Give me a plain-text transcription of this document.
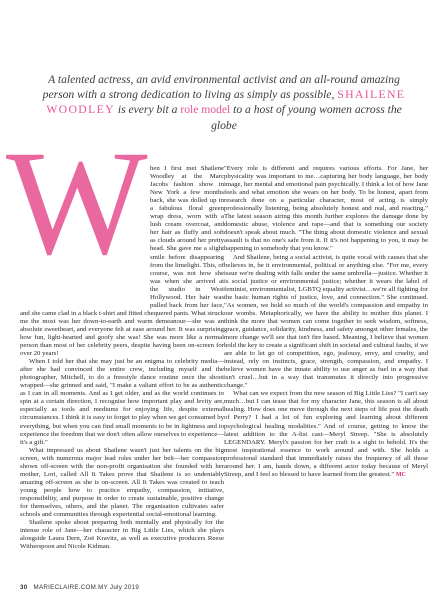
A talented actress, an avid environmental activist and an all-round amazing person with a strong dedication to living as simply as possible, SHAILENE WOODLEY is every bit a role model to a host of young women across the globe
W hen I first met Shailene Woodley at the Marc Jacobs fashion show in New York a few months back, she was dolled up in a fabulous floral green wrap dress, worn with a lush cream overcoat, and her hair as fluffy and soft as clouds around her pretty head. She gave me a slight smile before disappearing from the limelight. This, of course, was not how she was when she arrived at the studio in West Hollywood. Her hair was pulled back from her face, and she came clad in a black t-shirt and fitted chequered pants. What struck me the most was her down-to-earth and warm demeanour—she was an absolute sweetheart, and everyone felt at ease around her. It was surprising how fun, light-hearted and goofy she was! She was more like a normal person than most of her celebrity peers, despite having been on-screen for over 20 years!

When I told her that she may just be an enigma to celebrity media—after she had convinced the entire crew, including myself and the photographer, Mitchell, to do a freestyle dance routine once the shoot wrapped—she grinned and said, "I make a valiant effort to be as authentic as I can in all moments. And as I get older, and as the world continues to spin at a certain direction, I recognise how important play and levity are, especially as tools and mediums for enjoying life, despite external circumstances. I think it is easy to forget to play when we get consumed by everything, but when you can find small moments to be in lightness and to experience the freedom that we don't often allow ourselves to experience—it's a gift."

What impressed us about Shailene wasn't just her talents on the big screen, with numerous major lead roles under her belt—her compassion shown off-screen with the non-profit organisation she founded with her mother, Lori, called All It Takes prove that Shailene is so undeniably amazing off-screen as she is on-screen. All It Takes was created to teach young people how to practice empathy, compassion, initiative, responsibility, and purpose in order to create sustainable, positive change for themselves, others, and the planet. The organisation cultivates safer schools and communities through experiential social-emotional learning.

Shailene spoke about preparing both mentally and physically for the intense role of Jane—her character in Big Little Lies, which she plays alongside Laura Dern, Zoë Kravitz, as well as executive producers Reese Witherspoon and Nicole Kidman.

"Every role is different and requires various efforts. For Jane, her physicality was important to me…capturing her body language, her body image, her mental and emotional pain psychically. I think a lot of how Jane feels and what emotion she wears on her body. To be honest, apart from research done on a particular character, most of acting is simply professionally listening, being absolutely honest and real, and reacting." The latest season airing this month further explores the damage done by domestic abuse, violence and rape—and that is something our society doesn't speak about much. "The thing about domestic violence and sexual assault is that no one's safe from it. If it's not happening to you, it may be happening to somebody that you know."

And Shailene, being a social activist, is quite vocal with causes that she believes in, be it environmental, political or anything else. "For me, every issue we're dealing with falls under the same umbrella—justice. Whether it is social justice or environmental justice; whether it wears the label of feminist, environmentalist, LGBTQ equality activist…we're all fighting for the basic human rights of justice, love, and connection." She continued. "As women, we hold so much of the world's compassion and empathy in our wombs. Metaphorically, we have the ability to mother this planet. I think the more that women can come together to seek wisdom, softness, grace, guidance, solidarity, kindness, and safety amongst other females, the more change we'll see that isn't fire based. Meaning, I believe that women hold the key to create a significant shift in societal and cultural faults, if we are able to let go of competition, ego, jealousy, envy, and cruelty, and instead, rely on instincts, grace, strength, compassion, and empathy. I believe women have the innate ability to use anger as fuel in a way that isn't cruel…but in a way that transmutes it directly into progressive change."

What can we expect from the new season of Big Little Lies? "I can't say much…but I can tease that for my character Jane, this season is all about healing. How does one move through the next steps of life post the death of Perry? I had a lot of fun exploring and learning about different psychological healing modalities." And of course, getting to know the latest addition to the A-list cast—Meryl Streep. "She is absolutely LEGENDARY. Meryl's passion for her craft is a sight to behold. It's the most inspirational essence to work around and with. She holds a professional standard that immediately raises the frequency of all those around her. I am, hands down, a different actor today because of Meryl Streep, and I feel so blessed to have learned from the greatest." MC

30 MARIECLAIRE.COM.MY July 2019
